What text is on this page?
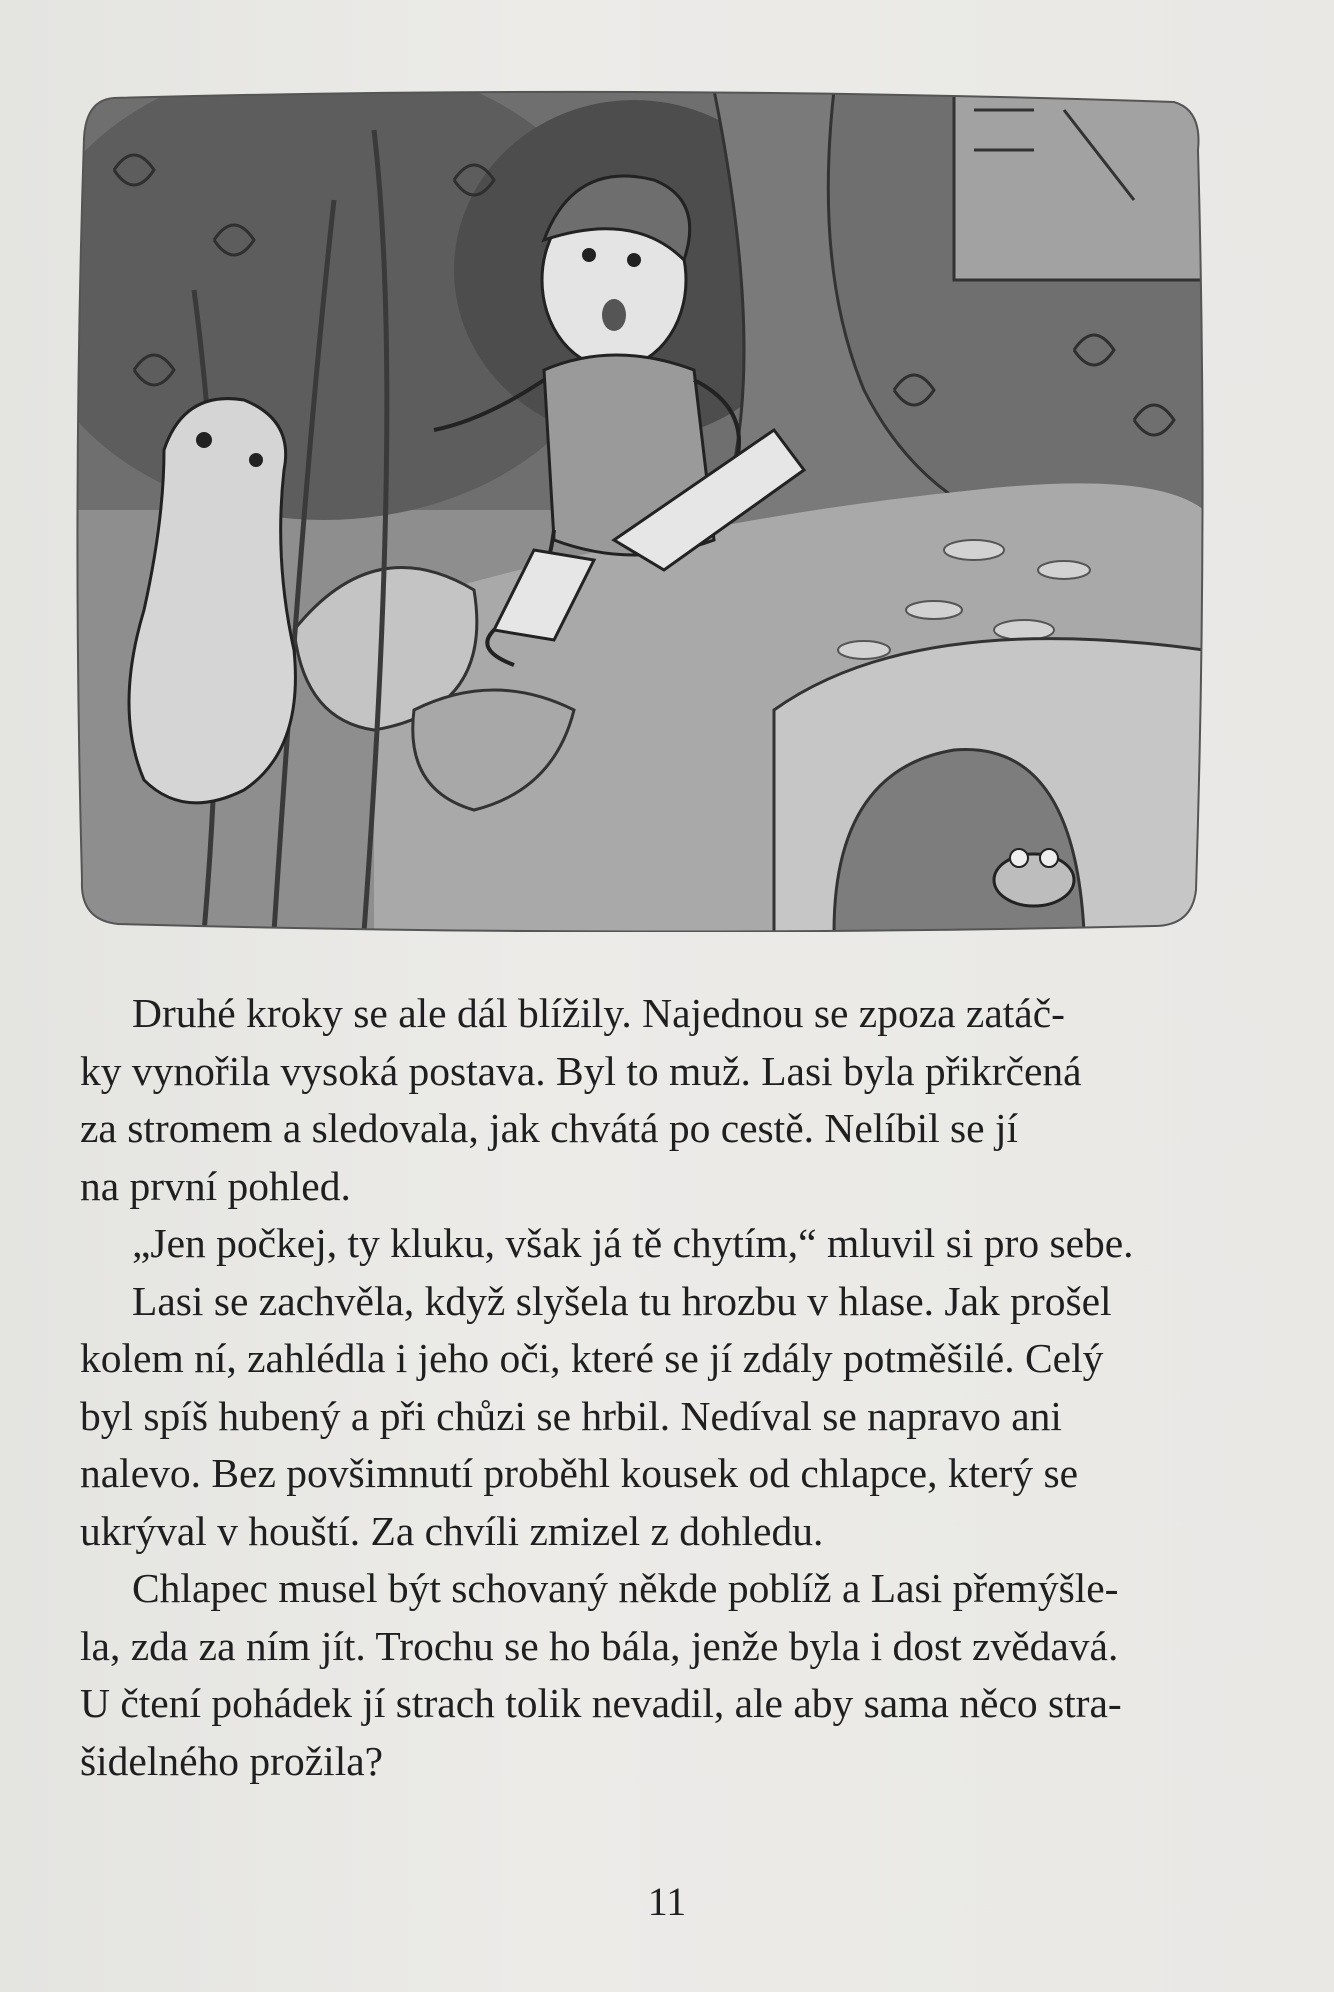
Druhé kroky se ale dál blížily. Najednou se zpoza zatáč-
ky vynořila vysoká postava. Byl to muž. Lasi byla přikrčená
za stromem a sledovala, jak chvátá po cestě. Nelíbil se jí
na první pohled.

„Jen počkej, ty kluku, však já tě chytím,“ mluvil si pro sebe.

Lasi se zachvěla, když slyšela tu hrozbu v hlase. Jak prošel
kolem ní, zahlédla i jeho oči, které se jí zdály potměšilé. Celý
byl spíš hubený a při chůzi se hrbil. Nedíval se napravo ani
nalevo. Bez povšimnutí proběhl kousek od chlapce, který se
ukrýval v houští. Za chvíli zmizel z dohledu.

Chlapec musel být schovaný někde poblíž a Lasi přemýšle-
la, zda za ním jít. Trochu se ho bála, jenže byla i dost zvědavá.
U čtení pohádek jí strach tolik nevadil, ale aby sama něco stra-
šidelného prožila?

11
